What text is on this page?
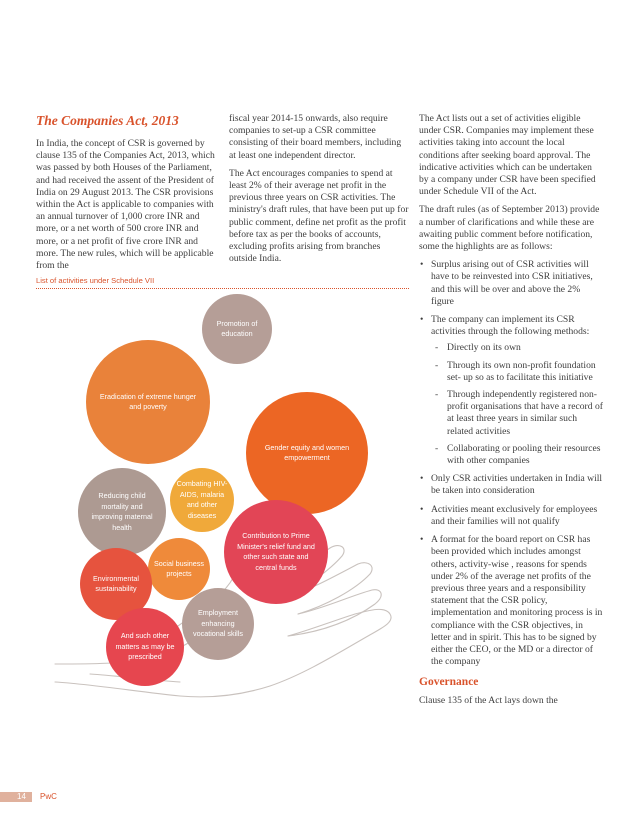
The Companies Act, 2013

In India, the concept of CSR is governed by clause 135 of the Companies Act, 2013, which was passed by both Houses of the Parliament, and had received the assent of the President of India on 29 August 2013. The CSR provisions within the Act is applicable to companies with an annual turnover of 1,000 crore INR and more, or a net worth of 500 crore INR and more, or a net profit of five crore INR and more. The new rules, which will be applicable from the

fiscal year 2014-15 onwards, also require companies to set-up a CSR committee consisting of their board members, including at least one independent director.

The Act encourages companies to spend at least 2% of their average net profit in the previous three years on CSR activities. The ministry's draft rules, that have been put up for public comment, define net profit as the profit before tax as per the books of accounts, excluding profits arising from branches outside India.

List of activities under Schedule VII
Promotion of education
Eradication of extreme hunger and poverty
Gender equity and women empowerment
Reducing child mortality and improving maternal health
Combating HIV-AIDS, malaria and other diseases
Contribution to Prime Minister's relief fund and other such state and central funds
Social business projects
Environmental sustainability
Employment enhancing vocational skills
And such other matters as may be prescribed

The Act lists out a set of activities eligible under CSR. Companies may implement these activities taking into account the local conditions after seeking board approval. The indicative activities which can be undertaken by a company under CSR have been specified under Schedule VII of the Act.

The draft rules (as of September 2013) provide a number of clarifications and while these are awaiting public comment before notification, some the highlights are as follows:

• Surplus arising out of CSR activities will have to be reinvested into CSR initiatives, and this will be over and above the 2% figure
• The company can implement its CSR activities through the following methods:
- Directly on its own
- Through its own non-profit foundation set- up so as to facilitate this initiative
- Through independently registered non-profit organisations that have a record of at least three years in similar such related activities
- Collaborating or pooling their resources with other companies
• Only CSR activities undertaken in India will be taken into consideration
• Activities meant exclusively for employees and their families will not qualify
• A format for the board report on CSR has been provided which includes amongst others, activity-wise , reasons for spends under 2% of the average net profits of the previous three years and a responsibility statement that the CSR policy, implementation and monitoring process is in compliance with the CSR objectives, in letter and in spirit. This has to be signed by either the CEO, or the MD or a director of the company
Governance

Clause 135 of the Act lays down the

14 PwC
